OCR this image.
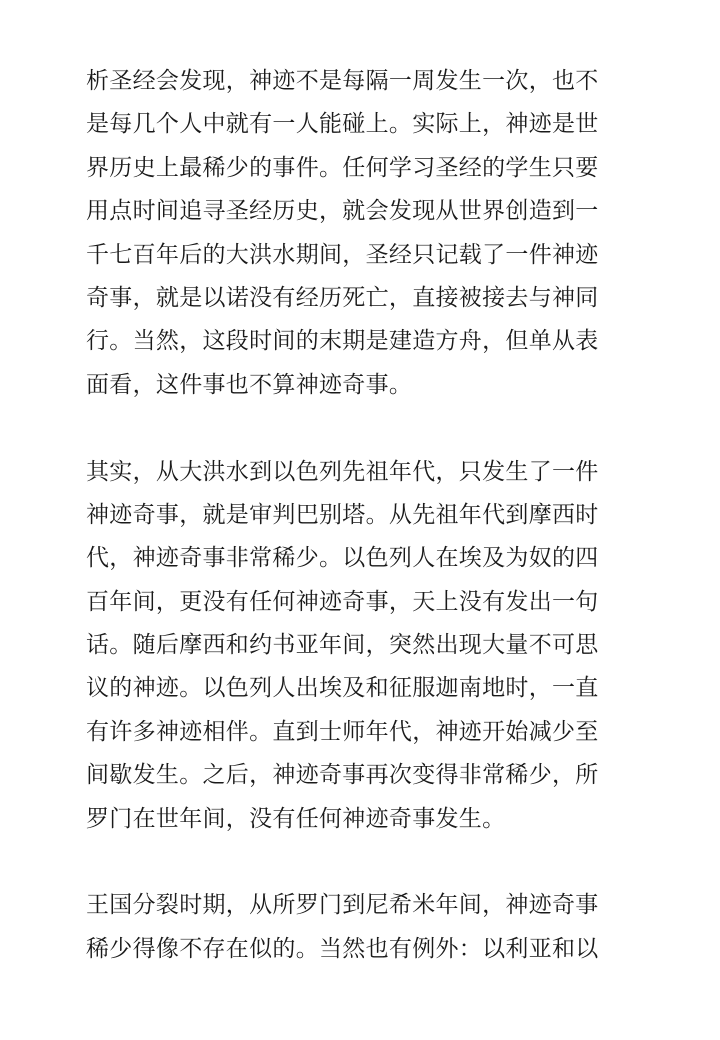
析圣经会发现，神迹不是每隔一周发生一次，也不
是每几个人中就有一人能碰上。实际上，神迹是世
界历史上最稀少的事件。任何学习圣经的学生只要
用点时间追寻圣经历史，就会发现从世界创造到一
千七百年后的大洪水期间，圣经只记载了一件神迹
奇事，就是以诺没有经历死亡，直接被接去与神同
行。当然，这段时间的末期是建造方舟，但单从表
面看，这件事也不算神迹奇事。
其实，从大洪水到以色列先祖年代，只发生了一件
神迹奇事，就是审判巴别塔。从先祖年代到摩西时
代，神迹奇事非常稀少。以色列人在埃及为奴的四
百年间，更没有任何神迹奇事，天上没有发出一句
话。随后摩西和约书亚年间，突然出现大量不可思
议的神迹。以色列人出埃及和征服迦南地时，一直
有许多神迹相伴。直到士师年代，神迹开始减少至
间歇发生。之后，神迹奇事再次变得非常稀少，所
罗门在世年间，没有任何神迹奇事发生。
王国分裂时期，从所罗门到尼希米年间，神迹奇事
稀少得像不存在似的。当然也有例外：以利亚和以
